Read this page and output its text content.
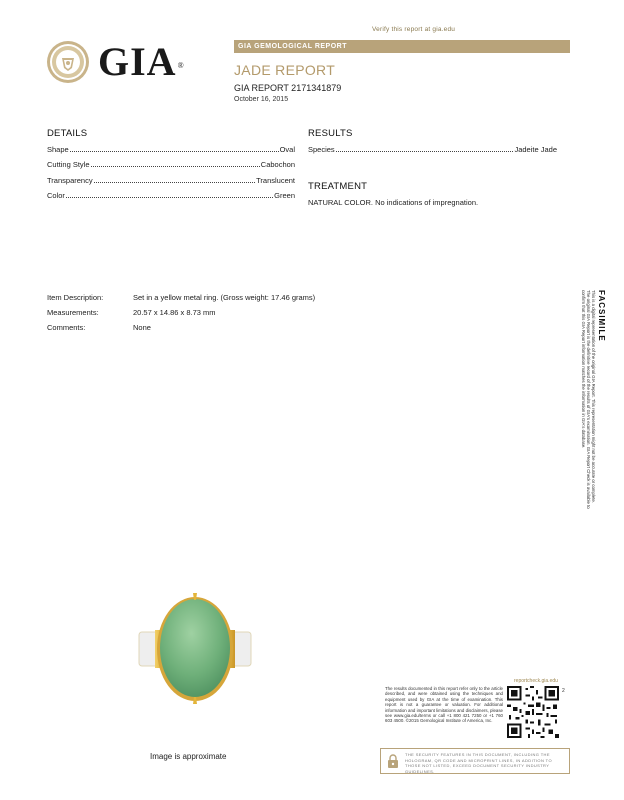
Verify this report at gia.edu
GIA®
GIA GEMOLOGICAL REPORT
JADE REPORT
GIA REPORT 2171341879
October 16, 2015
DETAILS
Shape	Oval
Cutting Style	Cabochon
Transparency	Translucent
Color	Green
RESULTS
Species	Jadeite Jade
TREATMENT
NATURAL COLOR. No indications of impregnation.
Item Description:	Set in a yellow metal ring. (Gross weight: 17.46 grams)
Measurements:	20.57 x 14.86 x 8.73 mm
Comments:	None	FACSIMILE
This is a digital representation of the original GIA Report. This representation might not be accurate or complete. The original GIA Report is the definitive record of the results of GIA's examination. GIA Report Check is available to confirm that this GIA Report information matches the information in GIA's database.
Image is approximate
The results documented in this report refer only to the article described, and were obtained using the techniques and equipment used by GIA at the time of examination. This report is not a guarantee or valuation. For additional information and important limitations and disclaimers, please see www.gia.edu/terms or call +1 800 421 7250 or +1 760 603 4500. ©2015 Gemological Institute of America, Inc.
reportcheck.gia.edu
2
THE SECURITY FEATURES IN THIS DOCUMENT, INCLUDING THE HOLOGRAM, QR CODE AND MICROPRINT LINES, IN ADDITION TO THOSE NOT LISTED, EXCEED DOCUMENT SECURITY INDUSTRY GUIDELINES.
